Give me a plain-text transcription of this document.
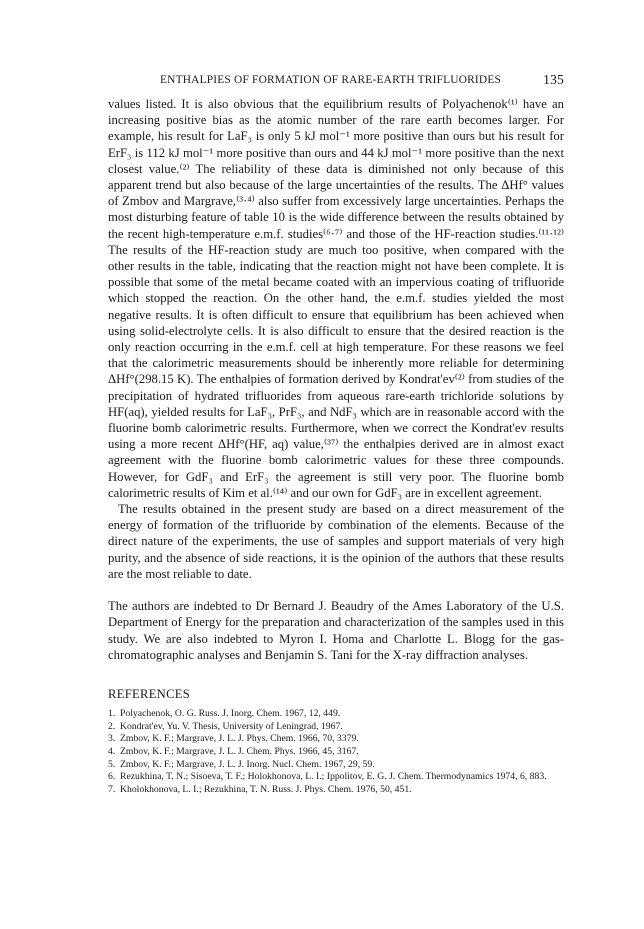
ENTHALPIES OF FORMATION OF RARE-EARTH TRIFLUORIDES	135

values listed. It is also obvious that the equilibrium results of Polyachenok⁽¹⁾ have an increasing positive bias as the atomic number of the rare earth becomes larger. For example, his result for LaF₃ is only 5 kJ mol⁻¹ more positive than ours but his result for ErF₃ is 112 kJ mol⁻¹ more positive than ours and 44 kJ mol⁻¹ more positive than the next closest value.⁽²⁾ The reliability of these data is diminished not only because of this apparent trend but also because of the large uncertainties of the results. The ΔHf° values of Zmbov and Margrave,⁽³·⁴⁾ also suffer from excessively large uncertainties. Perhaps the most disturbing feature of table 10 is the wide difference between the results obtained by the recent high-temperature e.m.f. studies⁽⁶·⁷⁾ and those of the HF-reaction studies.⁽¹¹·¹²⁾ The results of the HF-reaction study are much too positive, when compared with the other results in the table, indicating that the reaction might not have been complete. It is possible that some of the metal became coated with an impervious coating of trifluoride which stopped the reaction. On the other hand, the e.m.f. studies yielded the most negative results. It is often difficult to ensure that equilibrium has been achieved when using solid-electrolyte cells. It is also difficult to ensure that the desired reaction is the only reaction occurring in the e.m.f. cell at high temperature. For these reasons we feel that the calorimetric measurements should be inherently more reliable for determining ΔHf°(298.15 K). The enthalpies of formation derived by Kondrat'ev⁽²⁾ from studies of the precipitation of hydrated trifluorides from aqueous rare-earth trichloride solutions by HF(aq), yielded results for LaF₃, PrF₃, and NdF₃ which are in reasonable accord with the fluorine bomb calorimetric results. Furthermore, when we correct the Kondrat'ev results using a more recent ΔHf°(HF, aq) value,⁽³⁷⁾ the enthalpies derived are in almost exact agreement with the fluorine bomb calorimetric values for these three compounds. However, for GdF₃ and ErF₃ the agreement is still very poor. The fluorine bomb calorimetric results of Kim et al.⁽¹⁴⁾ and our own for GdF₃ are in excellent agreement.

The results obtained in the present study are based on a direct measurement of the energy of formation of the trifluoride by combination of the elements. Because of the direct nature of the experiments, the use of samples and support materials of very high purity, and the absence of side reactions, it is the opinion of the authors that these results are the most reliable to date.

The authors are indebted to Dr Bernard J. Beaudry of the Ames Laboratory of the U.S. Department of Energy for the preparation and characterization of the samples used in this study. We are also indebted to Myron I. Homa and Charlotte L. Blogg for the gas-chromatographic analyses and Benjamin S. Tani for the X-ray diffraction analyses.

REFERENCES
1. Polyachenok, O. G. Russ. J. Inorg. Chem. 1967, 12, 449.
2. Kondrat'ev, Yu. V. Thesis, University of Leningrad, 1967.
3. Zmbov, K. F.; Margrave, J. L. J. Phys. Chem. 1966, 70, 3379.
4. Zmbov, K. F.; Margrave, J. L. J. Chem. Phys. 1966, 45, 3167.
5. Zmbov, K. F.; Margrave, J. L. J. Inorg. Nucl. Chem. 1967, 29, 59.
6. Rezukhina, T. N.; Sisoeva, T. F.; Holokhonova, L. I.; Ippolitov, E. G. J. Chem. Thermodynamics 1974, 6, 883.
7. Kholokhonova, L. I.; Rezukhina, T. N. Russ. J. Phys. Chem. 1976, 50, 451.
